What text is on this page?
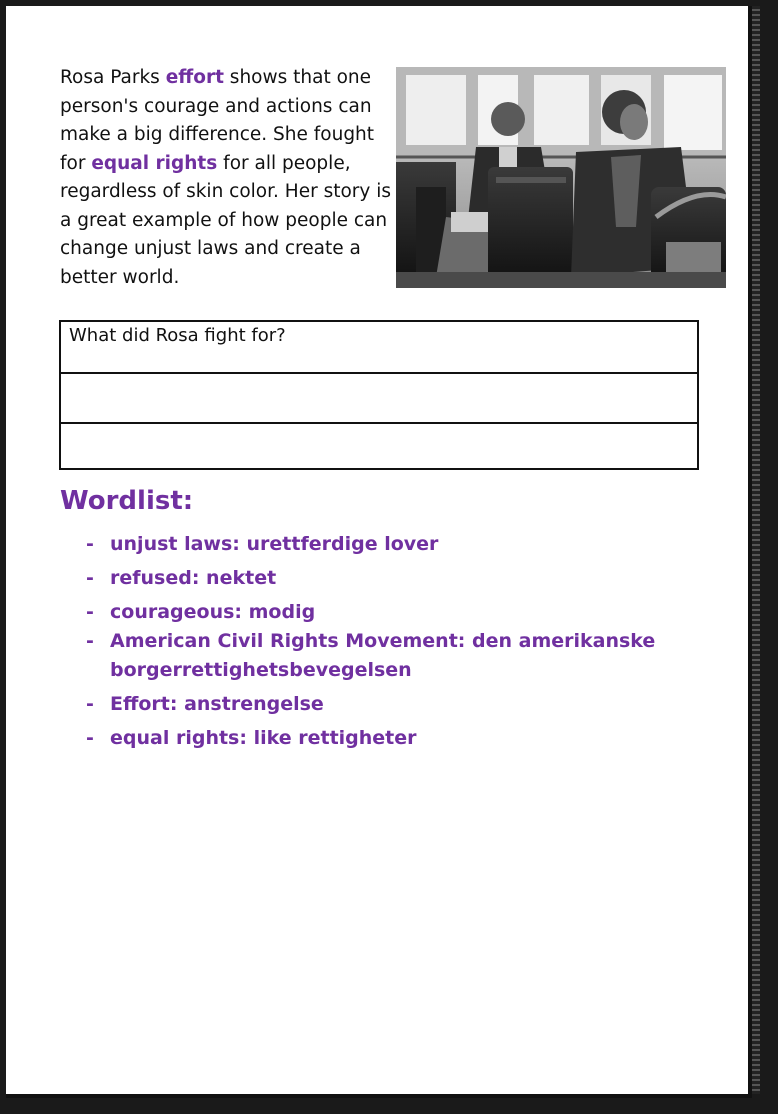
Rosa Parks effort shows that one person's courage and actions can make a big difference. She fought for equal rights for all people, regardless of skin color. Her story is a great example of how people can change unjust laws and create a better world.
What did Rosa fight for?

Wordlist:
- unjust laws: urettferdige lover
- refused: nektet
- courageous: modig
- American Civil Rights Movement: den amerikanske borgerrettighetsbevegelsen
- Effort: anstrengelse
- equal rights: like rettigheter
